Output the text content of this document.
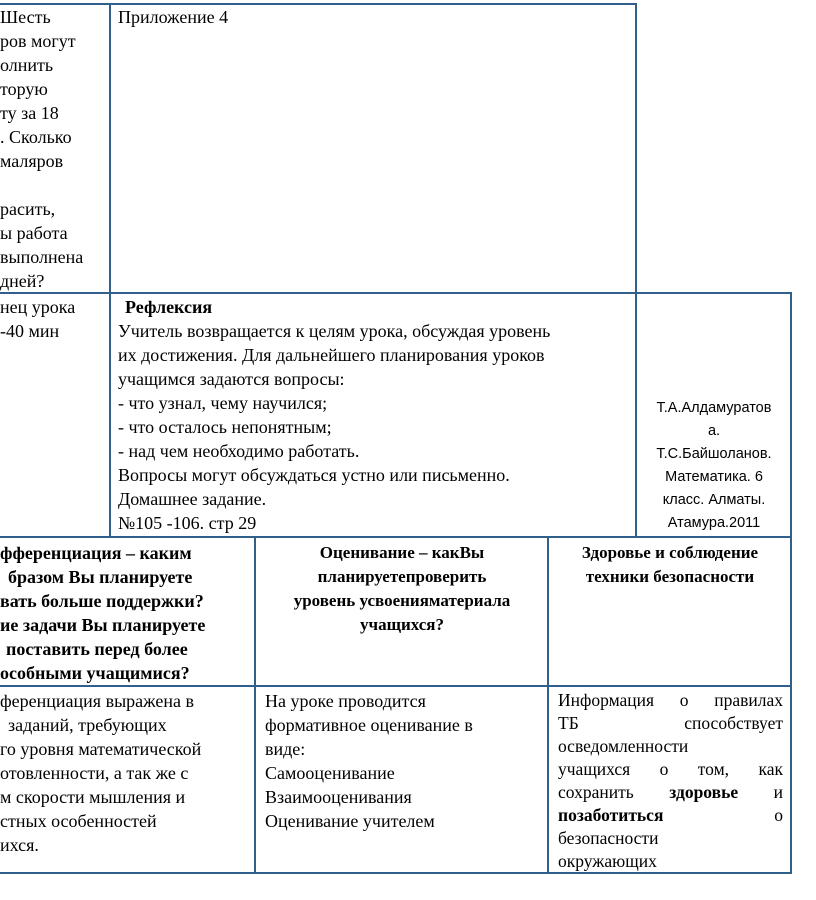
Шесть
ров могут
олнить
торую
ту за 18
. Сколько
маляров
расить,
ы работа
выполнена
дней?
Приложение 4
нец урока
-40 мин
Рефлексия
Учитель возвращается к целям урока, обсуждая уровень
их достижения. Для дальнейшего планирования уроков
учащимся задаются вопросы:
- что узнал, чему научился;
- что осталось непонятным;
- над чем необходимо работать.
Вопросы могут обсуждаться устно или письменно.
Домашнее задание.
№105 -106. стр 29
Т.А.Алдамуратов
а.
Т.С.Байшоланов.
Математика. 6
класс. Алматы.
Атамура.2011
фференциация – каким
бразом Вы планируете
вать больше поддержки?
ие задачи Вы планируете
поставить перед более
особными учащимися?
Оценивание – какВы
планируетепроверить
уровень усвоенияматериала
учащихся?
Здоровье и соблюдение
техники безопасности
ференциация выражена в
заданий, требующих
го уровня математической
отовленности, а так же с
м скорости мышления и
стных особенностей
ихся.
На уроке проводится
формативное оценивание в
виде:
Самооценивание
Взаимооценивания
Оценивание учителем
Информация о правилах
ТБ	способствует
осведомленности
учащихся о том, как
сохранить здоровье и
позаботиться	о
безопасности
окружающих
